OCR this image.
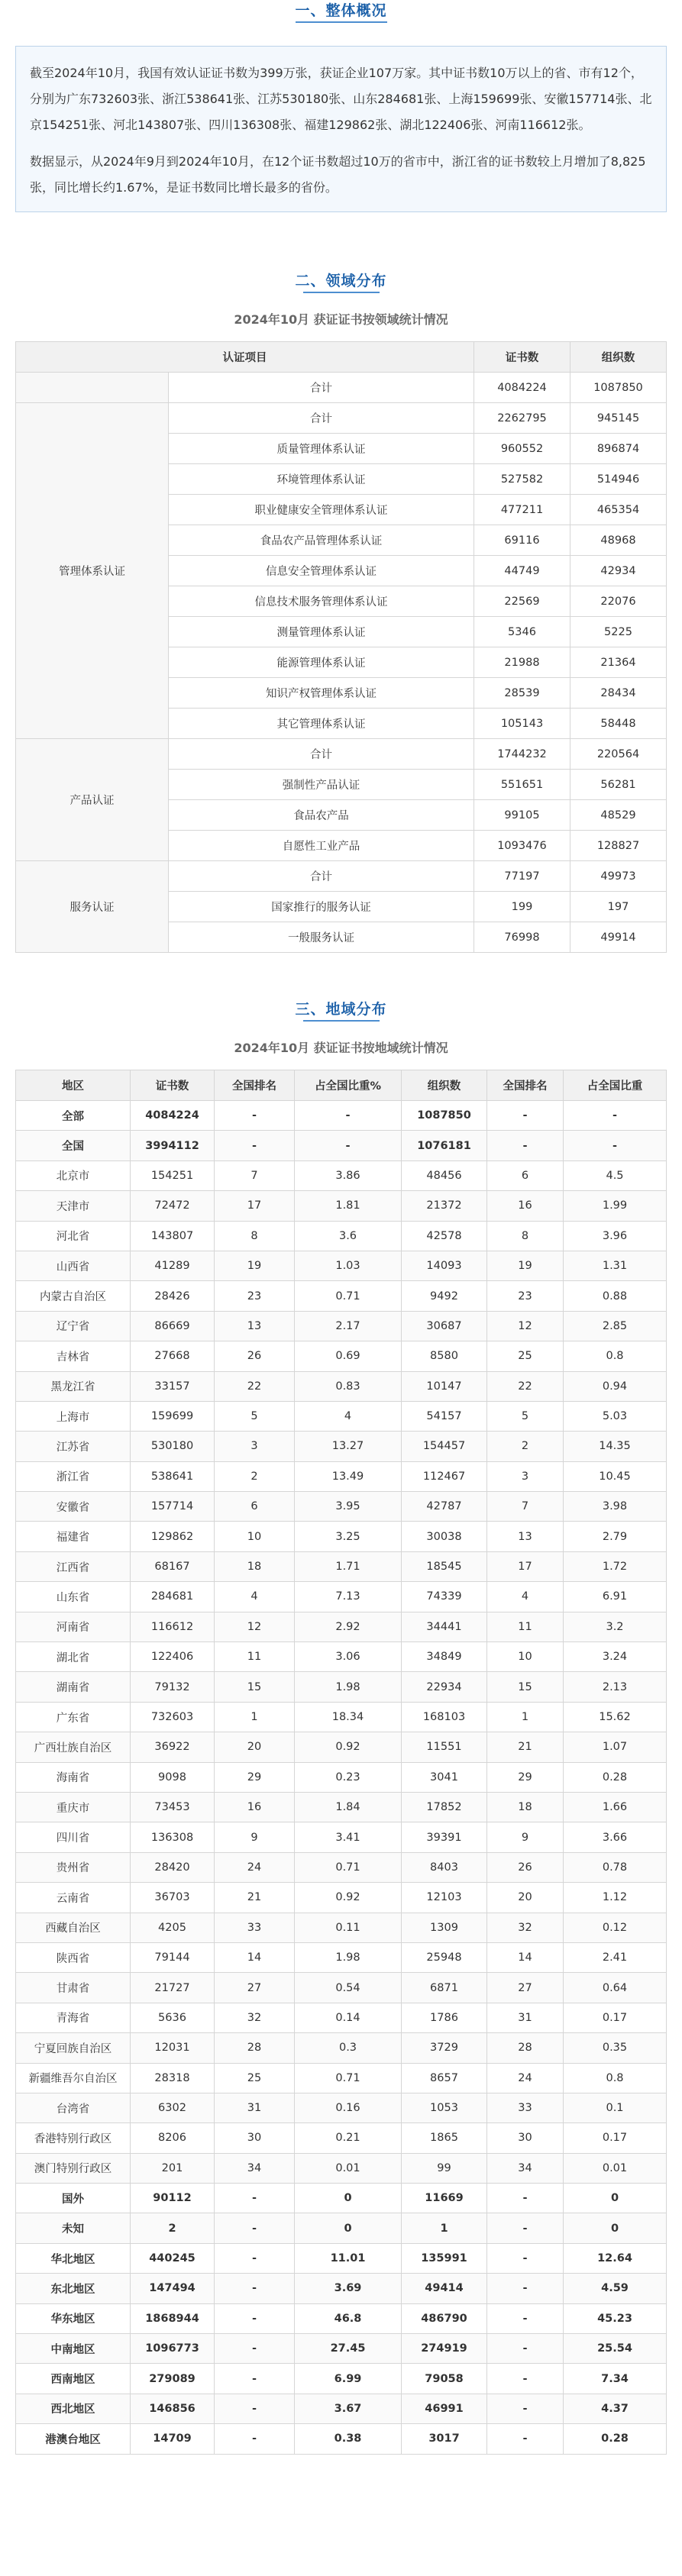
一、整体概况

截至2024年10月，我国有效认证证书数为399万张，获证企业107万家。其中证书数10万以上的省、市有12个，分别为广东732603张、浙江538641张、江苏530180张、山东284681张、上海159699张、安徽157714张、北京154251张、河北143807张、四川136308张、福建129862张、湖北122406张、河南116612张。

数据显示，从2024年9月到2024年10月，在12个证书数超过10万的省市中，浙江省的证书数较上月增加了8,825张，同比增长约1.67%，是证书数同比增长最多的省份。

二、领域分布
2024年10月 获证证书按领域统计情况
认证项目		证书数	组织数
	合计	4084224	1087850
管理体系认证	合计	2262795	945145
	质量管理体系认证	960552	896874
	环境管理体系认证	527582	514946
	职业健康安全管理体系认证	477211	465354
	食品农产品管理体系认证	69116	48968
	信息安全管理体系认证	44749	42934
	信息技术服务管理体系认证	22569	22076
	测量管理体系认证	5346	5225
	能源管理体系认证	21988	21364
	知识产权管理体系认证	28539	28434
	其它管理体系认证	105143	58448
产品认证	合计	1744232	220564
	强制性产品认证	551651	56281
	食品农产品	99105	48529
	自愿性工业产品	1093476	128827
服务认证	合计	77197	49973
	国家推行的服务认证	199	197
	一般服务认证	76998	49914
三、地域分布
2024年10月 获证证书按地域统计情况
地区	证书数	全国排名	占全国比重%	组织数	全国排名	占全国比重
全部	4084224	-	-	1087850	-	-
全国	3994112	-	-	1076181	-	-
北京市	154251	7	3.86	48456	6	4.5
天津市	72472	17	1.81	21372	16	1.99
河北省	143807	8	3.6	42578	8	3.96
山西省	41289	19	1.03	14093	19	1.31
内蒙古自治区	28426	23	0.71	9492	23	0.88
辽宁省	86669	13	2.17	30687	12	2.85
吉林省	27668	26	0.69	8580	25	0.8
黑龙江省	33157	22	0.83	10147	22	0.94
上海市	159699	5	4	54157	5	5.03
江苏省	530180	3	13.27	154457	2	14.35
浙江省	538641	2	13.49	112467	3	10.45
安徽省	157714	6	3.95	42787	7	3.98
福建省	129862	10	3.25	30038	13	2.79
江西省	68167	18	1.71	18545	17	1.72
山东省	284681	4	7.13	74339	4	6.91
河南省	116612	12	2.92	34441	11	3.2
湖北省	122406	11	3.06	34849	10	3.24
湖南省	79132	15	1.98	22934	15	2.13
广东省	732603	1	18.34	168103	1	15.62
广西壮族自治区	36922	20	0.92	11551	21	1.07
海南省	9098	29	0.23	3041	29	0.28
重庆市	73453	16	1.84	17852	18	1.66
四川省	136308	9	3.41	39391	9	3.66
贵州省	28420	24	0.71	8403	26	0.78
云南省	36703	21	0.92	12103	20	1.12
西藏自治区	4205	33	0.11	1309	32	0.12
陕西省	79144	14	1.98	25948	14	2.41
甘肃省	21727	27	0.54	6871	27	0.64
青海省	5636	32	0.14	1786	31	0.17
宁夏回族自治区	12031	28	0.3	3729	28	0.35
新疆维吾尔自治区	28318	25	0.71	8657	24	0.8
台湾省	6302	31	0.16	1053	33	0.1
香港特别行政区	8206	30	0.21	1865	30	0.17
澳门特别行政区	201	34	0.01	99	34	0.01
国外	90112	-	0	11669	-	0
未知	2	-	0	1	-	0
华北地区	440245	-	11.01	135991	-	12.64
东北地区	147494	-	3.69	49414	-	4.59
华东地区	1868944	-	46.8	486790	-	45.23
中南地区	1096773	-	27.45	274919	-	25.54
西南地区	279089	-	6.99	79058	-	7.34
西北地区	146856	-	3.67	46991	-	4.37
港澳台地区	14709	-	0.38	3017	-	0.28
